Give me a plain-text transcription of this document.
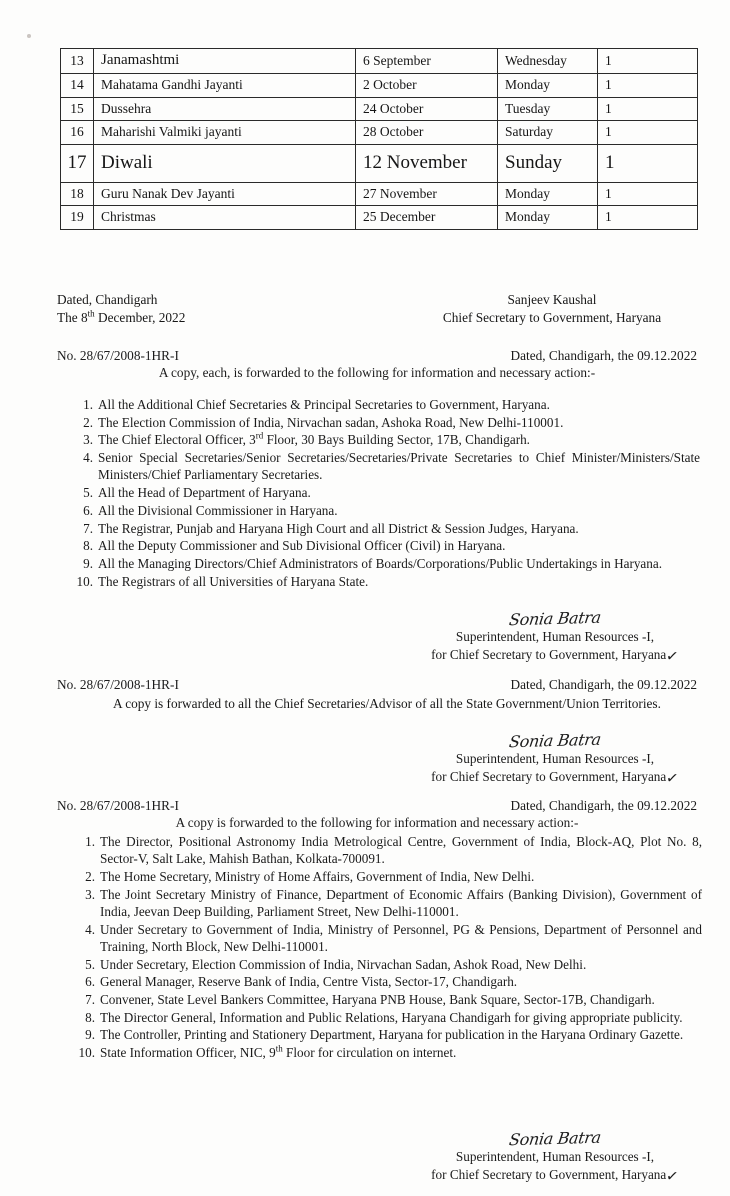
13	Janamashtmi	6 September	Wednesday	1
14	Mahatama Gandhi Jayanti	2 October	Monday	1
15	Dussehra	24 October	Tuesday	1
16	Maharishi Valmiki jayanti	28 October	Saturday	1
17	Diwali	12 November	Sunday	1
18	Guru Nanak Dev Jayanti	27 November	Monday	1
19	Christmas	25 December	Monday	1
Dated, Chandigarh
The 8th December, 2022
Sanjeev Kaushal
Chief Secretary to Government, Haryana
No. 28/67/2008-1HR-I	Dated, Chandigarh, the 09.12.2022
A copy, each, is forwarded to the following for information and necessary action:-
1. All the Additional Chief Secretaries & Principal Secretaries to Government, Haryana.
2. The Election Commission of India, Nirvachan sadan, Ashoka Road, New Delhi-110001.
3. The Chief Electoral Officer, 3rd Floor, 30 Bays Building Sector, 17B, Chandigarh.
4. Senior Special Secretaries/Senior Secretaries/Secretaries/Private Secretaries to Chief Minister/Ministers/State Ministers/Chief Parliamentary Secretaries.
5. All the Head of Department of Haryana.
6. All the Divisional Commissioner in Haryana.
7. The Registrar, Punjab and Haryana High Court and all District & Session Judges, Haryana.
8. All the Deputy Commissioner and Sub Divisional Officer (Civil) in Haryana.
9. All the Managing Directors/Chief Administrators of Boards/Corporations/Public Undertakings in Haryana.
10. The Registrars of all Universities of Haryana State.
Sonia Batra
Superintendent, Human Resources -I,
for Chief Secretary to Government, Haryana✓
No. 28/67/2008-1HR-I	Dated, Chandigarh, the 09.12.2022
A copy is forwarded to all the Chief Secretaries/Advisor of all the State Government/Union Territories.
Sonia Batra
Superintendent, Human Resources -I,
for Chief Secretary to Government, Haryana✓
No. 28/67/2008-1HR-I	Dated, Chandigarh, the 09.12.2022
A copy is forwarded to the following for information and necessary action:-
1. The Director, Positional Astronomy India Metrological Centre, Government of India, Block-AQ, Plot No. 8, Sector-V, Salt Lake, Mahish Bathan, Kolkata-700091.
2. The Home Secretary, Ministry of Home Affairs, Government of India, New Delhi.
3. The Joint Secretary Ministry of Finance, Department of Economic Affairs (Banking Division), Government of India, Jeevan Deep Building, Parliament Street, New Delhi-110001.
4. Under Secretary to Government of India, Ministry of Personnel, PG & Pensions, Department of Personnel and Training, North Block, New Delhi-110001.
5. Under Secretary, Election Commission of India, Nirvachan Sadan, Ashok Road, New Delhi.
6. General Manager, Reserve Bank of India, Centre Vista, Sector-17, Chandigarh.
7. Convener, State Level Bankers Committee, Haryana PNB House, Bank Square, Sector-17B, Chandigarh.
8. The Director General, Information and Public Relations, Haryana Chandigarh for giving appropriate publicity.
9. The Controller, Printing and Stationery Department, Haryana for publication in the Haryana Ordinary Gazette.
10. State Information Officer, NIC, 9th Floor for circulation on internet.
Sonia Batra
Superintendent, Human Resources -I,
for Chief Secretary to Government, Haryana✓
